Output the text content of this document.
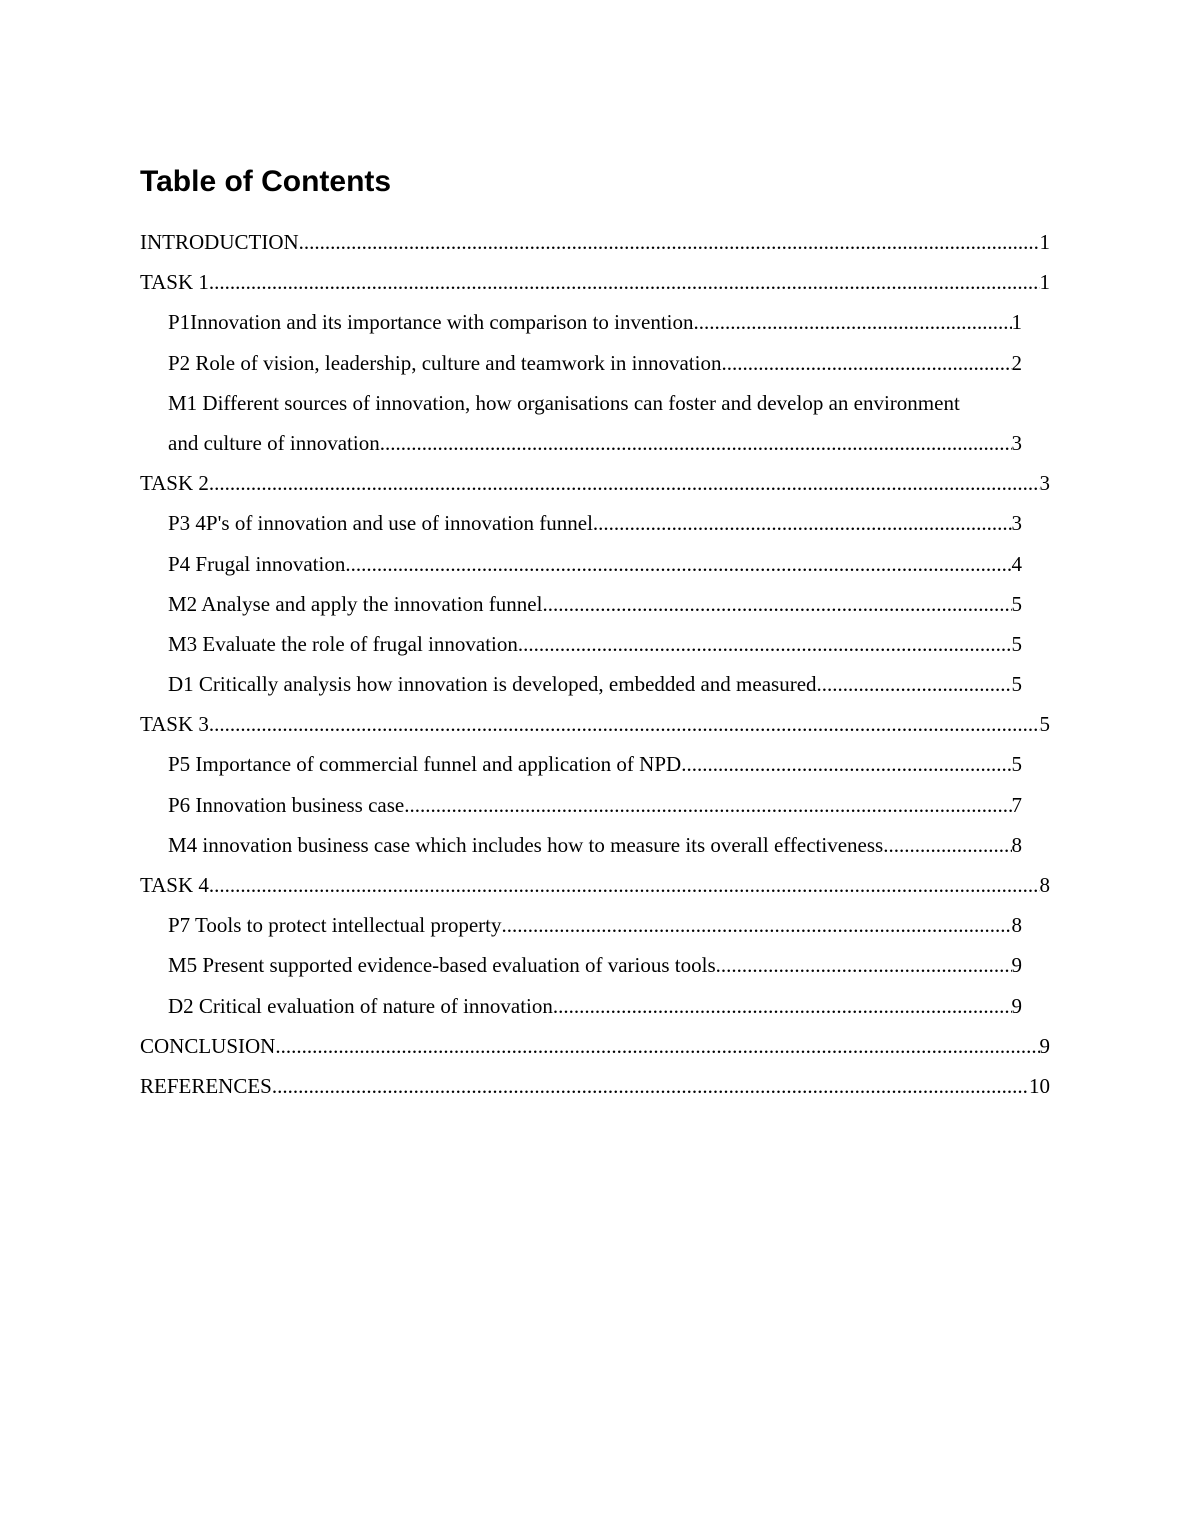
Table of Contents
INTRODUCTION .....	1
TASK 1 .....	1
P1Innovation and its importance with comparison to invention .....	1
P2 Role of vision, leadership, culture and teamwork in innovation .....	2
M1 Different sources of innovation, how organisations can foster and develop an environment
and culture of innovation .....	3
TASK 2 .....	3
P3 4P's of innovation and use of innovation funnel .....	3
P4 Frugal innovation .....	4
M2 Analyse and apply the innovation funnel .....	5
M3 Evaluate the role of frugal innovation .....	5
D1 Critically analysis how innovation is developed, embedded and measured .....	5
TASK 3 .....	5
P5 Importance of commercial funnel and application of NPD .....	5
P6 Innovation business case .....	7
M4 innovation business case which includes how to measure its overall effectiveness .....	8
TASK 4 .....	8
P7 Tools to protect intellectual property .....	8
M5 Present supported evidence-based evaluation of various tools .....	9
D2 Critical evaluation of nature of innovation .....	9
CONCLUSION .....	9
REFERENCES .....	10
